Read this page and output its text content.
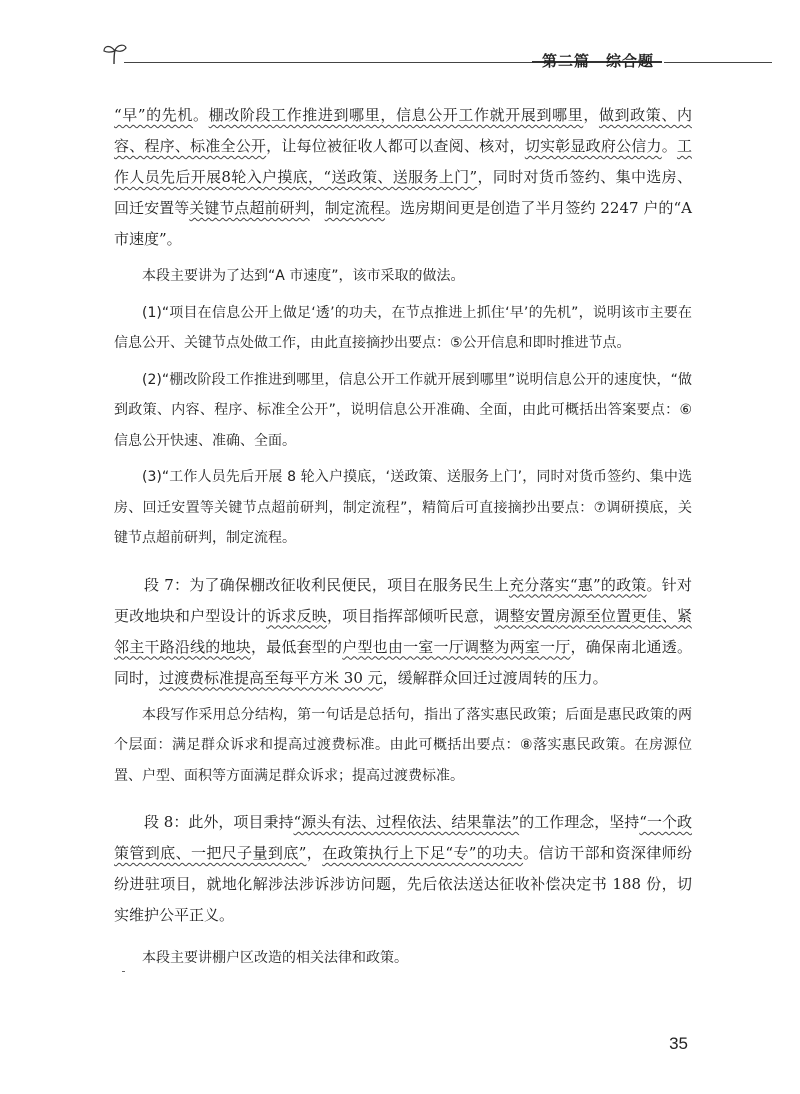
第二篇　综合题

“早”的先机。棚改阶段工作推进到哪里，信息公开工作就开展到哪里，做到政策、内容、程序、标准全公开，让每位被征收人都可以查阅、核对，切实彰显政府公信力。工作人员先后开展8轮入户摸底，“送政策、送服务上门”，同时对货币签约、集中选房、回迁安置等关键节点超前研判，制定流程。选房期间更是创造了半月签约 2247 户的“A市速度”。

本段主要讲为了达到“A 市速度”，该市采取的做法。

(1)“项目在信息公开上做足‘透’的功夫，在节点推进上抓住‘早’的先机”，说明该市主要在信息公开、关键节点处做工作，由此直接摘抄出要点：⑤公开信息和即时推进节点。

(2)“棚改阶段工作推进到哪里，信息公开工作就开展到哪里”说明信息公开的速度快，“做到政策、内容、程序、标准全公开”，说明信息公开准确、全面，由此可概括出答案要点：⑥信息公开快速、准确、全面。

(3)“工作人员先后开展 8 轮入户摸底，‘送政策、送服务上门’，同时对货币签约、集中选房、回迁安置等关键节点超前研判，制定流程”，精简后可直接摘抄出要点：⑦调研摸底，关键节点超前研判，制定流程。

段 7：为了确保棚改征收利民便民，项目在服务民生上充分落实“惠”的政策。针对更改地块和户型设计的诉求反映，项目指挥部倾听民意，调整安置房源至位置更佳、紧邻主干路沿线的地块，最低套型的户型也由一室一厅调整为两室一厅，确保南北通透。同时，过渡费标准提高至每平方米 30 元，缓解群众回迁过渡周转的压力。

本段写作采用总分结构，第一句话是总括句，指出了落实惠民政策；后面是惠民政策的两个层面：满足群众诉求和提高过渡费标准。由此可概括出要点：⑧落实惠民政策。在房源位置、户型、面积等方面满足群众诉求；提高过渡费标准。

段 8：此外，项目秉持“源头有法、过程依法、结果靠法”的工作理念，坚持“一个政策管到底、一把尺子量到底”，在政策执行上下足“专”的功夫。信访干部和资深律师纷纷进驻项目，就地化解涉法涉诉涉访问题，先后依法送达征收补偿决定书 188 份，切实维护公平正义。

本段主要讲棚户区改造的相关法律和政策。

35
